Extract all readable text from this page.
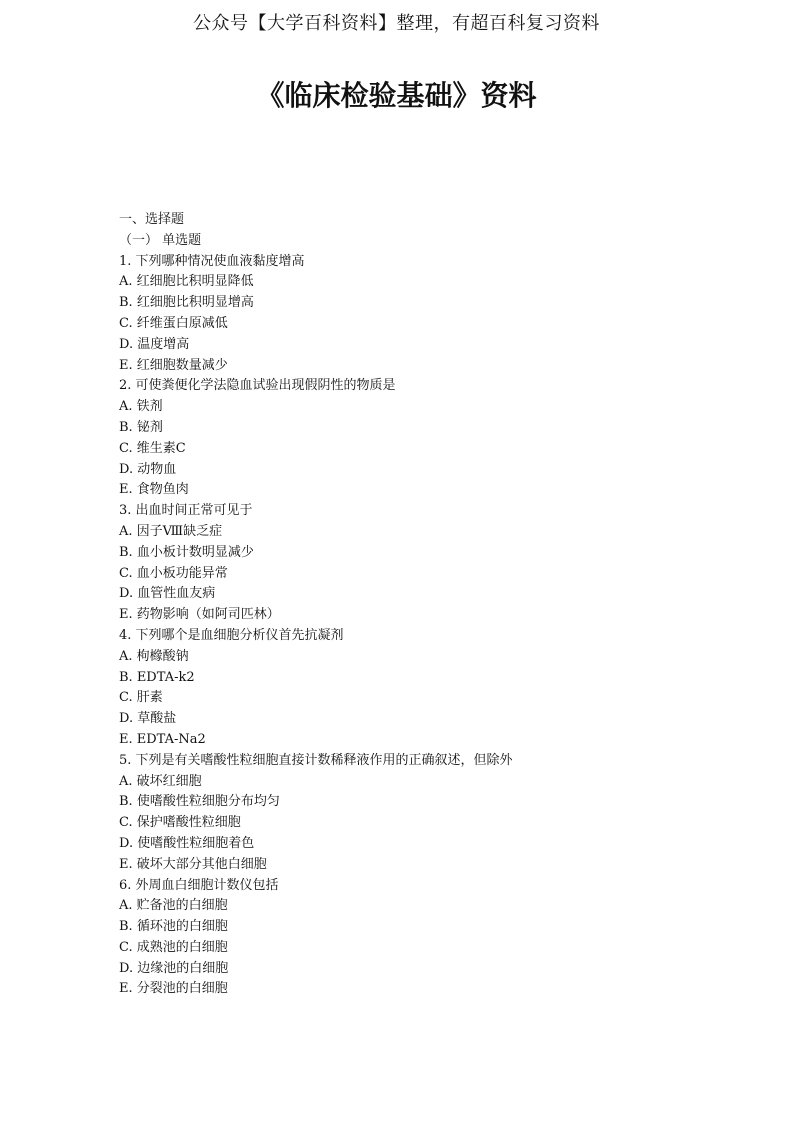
公众号【大学百科资料】整理，有超百科复习资料
《临床检验基础》资料
一、选择题
（一） 单选题
1. 下列哪种情况使血液黏度增高
A. 红细胞比积明显降低
B. 红细胞比积明显增高
C. 纤维蛋白原减低
D. 温度增高
E. 红细胞数量减少
2. 可使粪便化学法隐血试验出现假阴性的物质是
A. 铁剂
B. 铋剂
C. 维生素C
D. 动物血
E. 食物鱼肉
3. 出血时间正常可见于
A. 因子Ⅷ缺乏症
B. 血小板计数明显减少
C. 血小板功能异常
D. 血管性血友病
E. 药物影响（如阿司匹林）
4. 下列哪个是血细胞分析仪首先抗凝剂
A. 枸橼酸钠
B. EDTA-k2
C. 肝素
D. 草酸盐
E. EDTA-Na2
5. 下列是有关嗜酸性粒细胞直接计数稀释液作用的正确叙述，但除外
A. 破坏红细胞
B. 使嗜酸性粒细胞分布均匀
C. 保护嗜酸性粒细胞
D. 使嗜酸性粒细胞着色
E. 破坏大部分其他白细胞
6. 外周血白细胞计数仪包括
A. 贮备池的白细胞
B. 循环池的白细胞
C. 成熟池的白细胞
D. 边缘池的白细胞
E. 分裂池的白细胞
